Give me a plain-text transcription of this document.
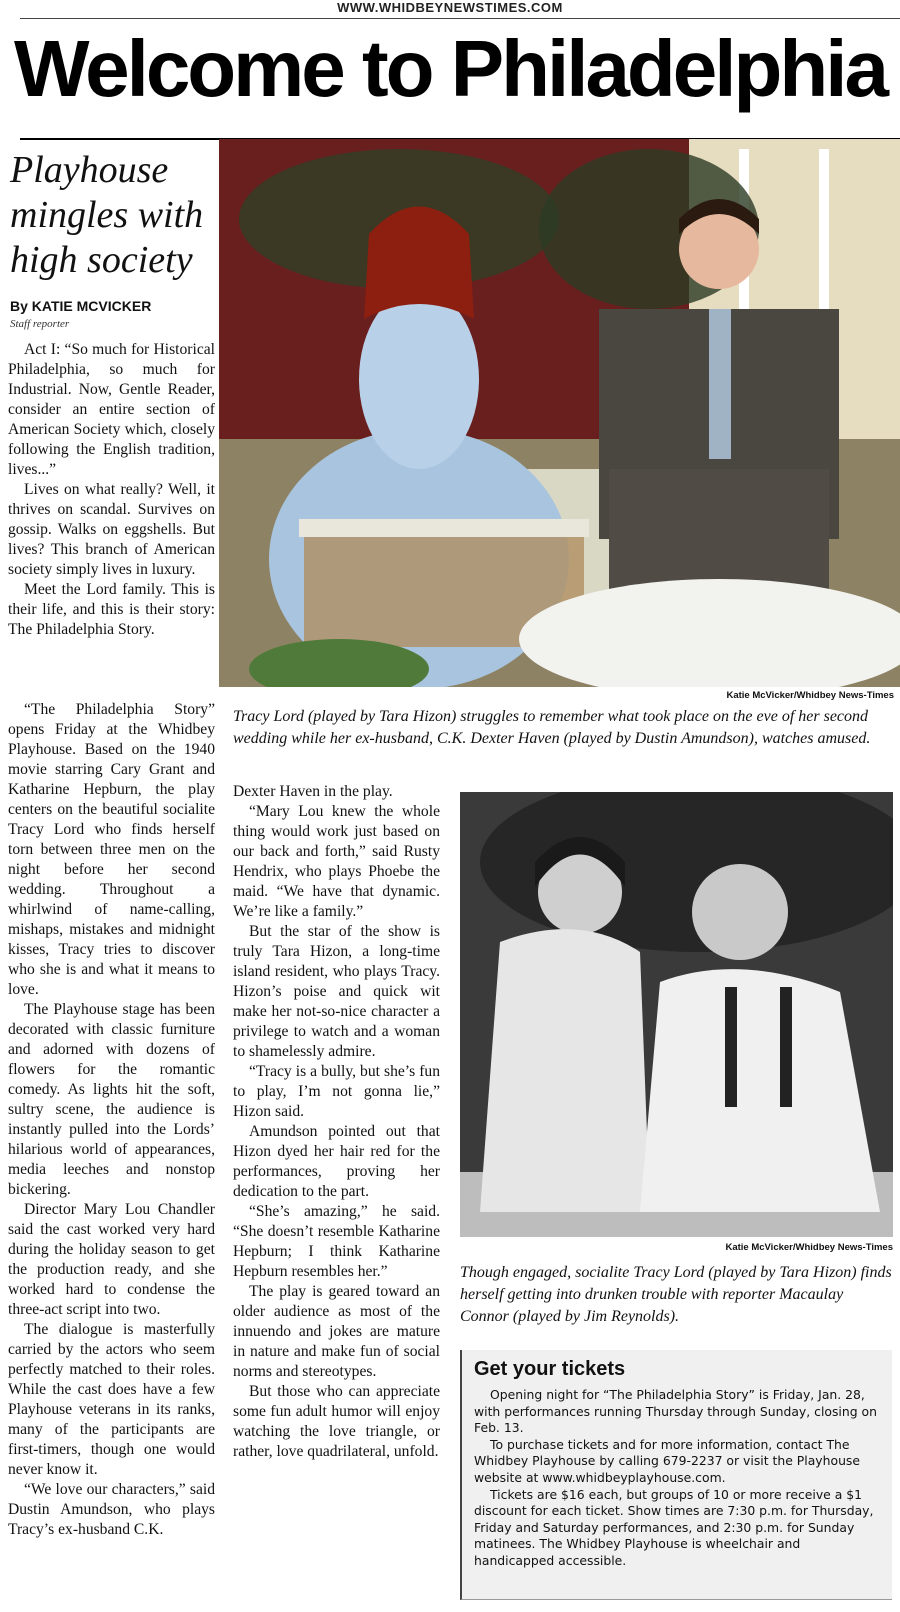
WWW.WHIDBEYNEWSTIMES.COM
Welcome to Philadelphia
Playhouse mingles with high society
By KATIE MCVICKER
Staff reporter

Act I: “So much for Historical Philadelphia, so much for Industrial. Now, Gentle Reader, consider an entire section of American Society which, closely following the English tradition, lives...”

Lives on what really? Well, it thrives on scandal. Survives on gossip. Walks on eggshells. But lives? This branch of American society simply lives in luxury.

Meet the Lord family. This is their life, and this is their story: The Philadelphia Story.

“The Philadelphia Story” opens Friday at the Whidbey Playhouse. Based on the 1940 movie starring Cary Grant and Katharine Hepburn, the play centers on the beautiful socialite Tracy Lord who finds herself torn between three men on the night before her second wedding. Throughout a whirlwind of name-calling, mishaps, mistakes and midnight kisses, Tracy tries to discover who she is and what it means to love.

The Playhouse stage has been decorated with classic furniture and adorned with dozens of flowers for the romantic comedy. As lights hit the soft, sultry scene, the audience is instantly pulled into the Lords’ hilarious world of appearances, media leeches and nonstop bickering.

Director Mary Lou Chandler said the cast worked very hard during the holiday season to get the production ready, and she worked hard to condense the three-act script into two.

The dialogue is masterfully carried by the actors who seem perfectly matched to their roles. While the cast does have a few Playhouse veterans in its ranks, many of the participants are first-timers, though one would never know it.

“We love our characters,” said Dustin Amundson, who plays Tracy’s ex-husband C.K.

Katie McVicker/Whidbey News-Times
Tracy Lord (played by Tara Hizon) struggles to remember what took place on the eve of her second wedding while her ex-husband, C.K. Dexter Haven (played by Dustin Amundson), watches amused.

Dexter Haven in the play.

“Mary Lou knew the whole thing would work just based on our back and forth,” said Rusty Hendrix, who plays Phoebe the maid. “We have that dynamic. We’re like a family.”

But the star of the show is truly Tara Hizon, a long-time island resident, who plays Tracy. Hizon’s poise and quick wit make her not-so-nice character a privilege to watch and a woman to shamelessly admire.

“Tracy is a bully, but she’s fun to play, I’m not gonna lie,” Hizon said.

Amundson pointed out that Hizon dyed her hair red for the performances, proving her dedication to the part.

“She’s amazing,” he said. “She doesn’t resemble Katharine Hepburn; I think Katharine Hepburn resembles her.”

The play is geared toward an older audience as most of the innuendo and jokes are mature in nature and make fun of social norms and stereotypes.

But those who can appreciate some fun adult humor will enjoy watching the love triangle, or rather, love quadrilateral, unfold.

Katie McVicker/Whidbey News-Times
Though engaged, socialite Tracy Lord (played by Tara Hizon) finds herself getting into drunken trouble with reporter Macaulay Connor (played by Jim Reynolds).
Get your tickets

Opening night for “The Philadelphia Story” is Friday, Jan. 28, with performances running Thursday through Sunday, closing on Feb. 13.

To purchase tickets and for more information, contact The Whidbey Playhouse by calling 679-2237 or visit the Playhouse website at www.whidbeyplayhouse.com.

Tickets are $16 each, but groups of 10 or more receive a $1 discount for each ticket. Show times are 7:30 p.m. for Thursday, Friday and Saturday performances, and 2:30 p.m. for Sunday matinees. The Whidbey Playhouse is wheelchair and handicapped accessible.
